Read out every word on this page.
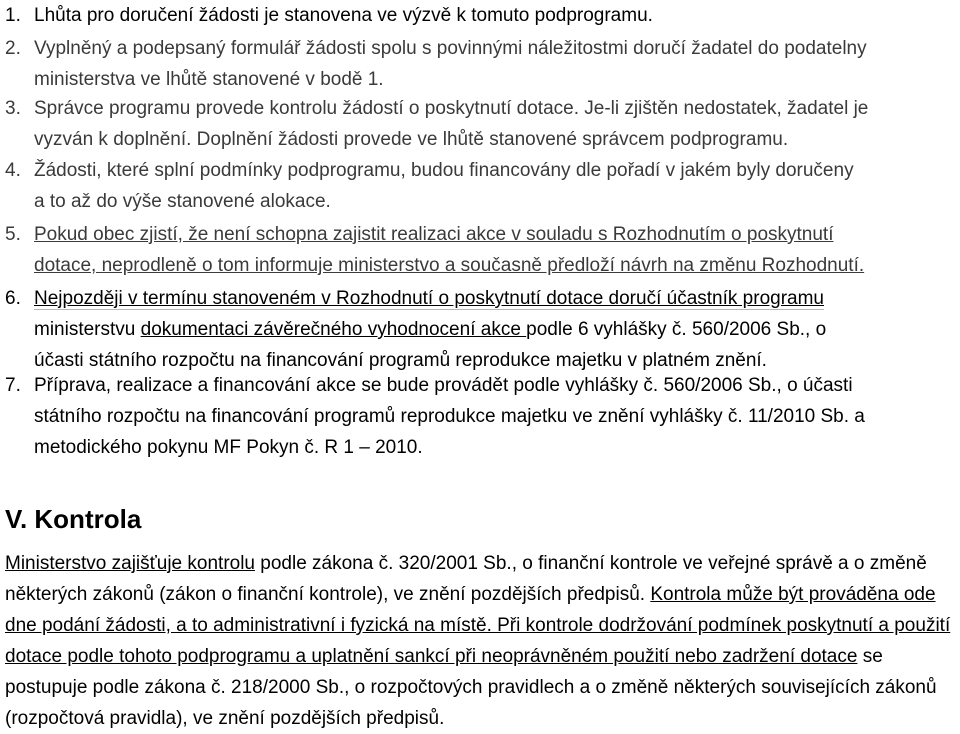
1. Lhůta pro doručení žádosti je stanovena ve výzvě k tomuto podprogramu.
2. Vyplněný a podepsaný formulář žádosti spolu s povinnými náležitostmi doručí žadatel do podatelny
ministerstva ve lhůtě stanovené v bodě 1.
3. Správce programu provede kontrolu žádostí o poskytnutí dotace. Je-li zjištěn nedostatek, žadatel je
vyzván k doplnění. Doplnění žádosti provede ve lhůtě stanovené správcem podprogramu.
4. Žádosti, které splní podmínky podprogramu, budou financovány dle pořadí v jakém byly doručeny
a to až do výše stanovené alokace.
5. Pokud obec zjistí, že není schopna zajistit realizaci akce v souladu s Rozhodnutím o poskytnutí dotace, neprodleně o tom informuje ministerstvo a současně předloží návrh na změnu Rozhodnutí.
6. Nejpozději v termínu stanoveném v Rozhodnutí o poskytnutí dotace doručí účastník programu
ministerstvu dokumentaci závěrečného vyhodnocení akce podle 6 vyhlášky č. 560/2006 Sb., o
účasti státního rozpočtu na financování programů reprodukce majetku v platném znění.
7. Příprava, realizace a financování akce se bude provádět podle vyhlášky č. 560/2006 Sb., o účasti
státního rozpočtu na financování programů reprodukce majetku ve znění vyhlášky č. 11/2010 Sb. a
metodického pokynu MF Pokyn č. R 1 – 2010.
V. Kontrola

Ministerstvo zajišťuje kontrolu podle zákona č. 320/2001 Sb., o finanční kontrole ve veřejné správě a o změně některých zákonů (zákon o finanční kontrole), ve znění pozdějších předpisů. Kontrola může být prováděna ode dne podání žádosti, a to administrativní i fyzická na místě. Při kontrole dodržování podmínek poskytnutí a použití dotace podle tohoto podprogramu a uplatnění sankcí při neoprávněném použití nebo zadržení dotace se postupuje podle zákona č. 218/2000 Sb., o rozpočtových pravidlech a o změně některých souvisejících zákonů (rozpočtová pravidla), ve znění pozdějších předpisů.
